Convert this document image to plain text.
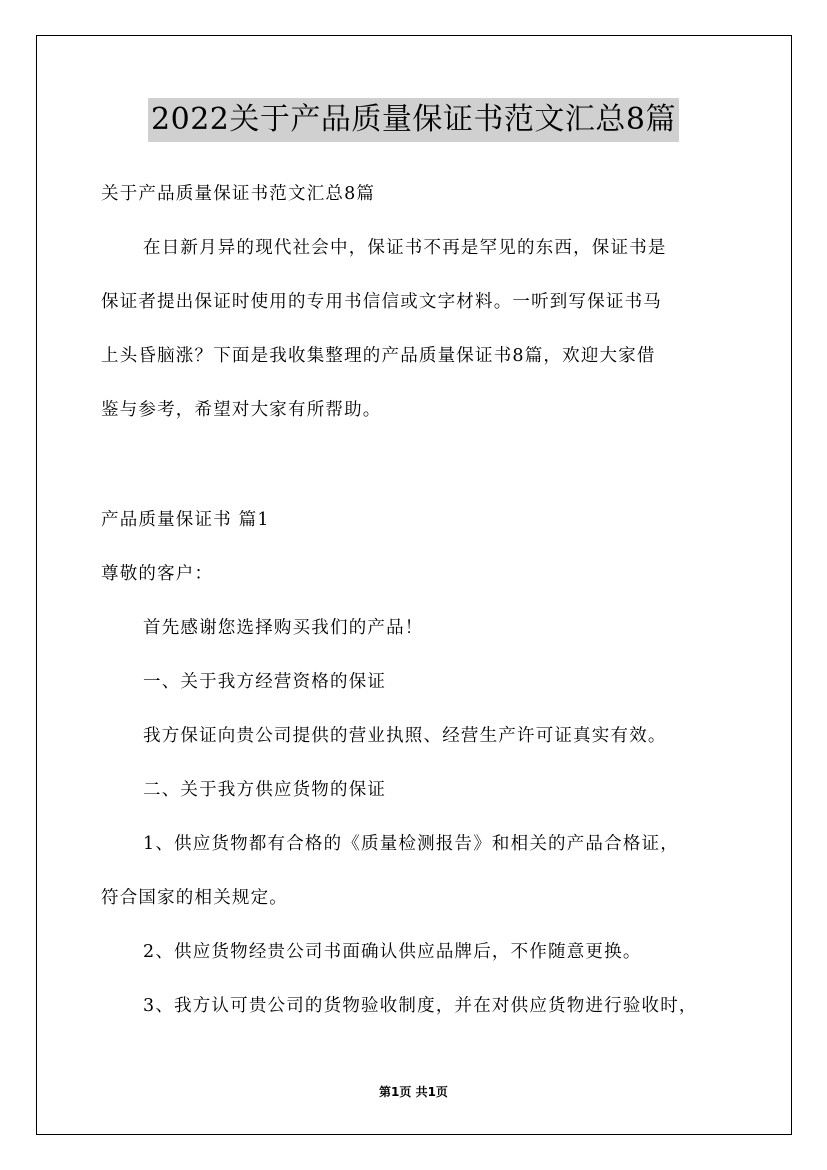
2022关于产品质量保证书范文汇总8篇

关于产品质量保证书范文汇总8篇

在日新月异的现代社会中，保证书不再是罕见的东西，保证书是

保证者提出保证时使用的专用书信信或文字材料。一听到写保证书马

上头昏脑涨？下面是我收集整理的产品质量保证书8篇，欢迎大家借

鉴与参考，希望对大家有所帮助。

产品质量保证书 篇1

尊敬的客户：

首先感谢您选择购买我们的产品！

一、关于我方经营资格的保证

我方保证向贵公司提供的营业执照、经营生产许可证真实有效。

二、关于我方供应货物的保证

1、供应货物都有合格的《质量检测报告》和相关的产品合格证，

符合国家的相关规定。

2、供应货物经贵公司书面确认供应品牌后，不作随意更换。

3、我方认可贵公司的货物验收制度，并在对供应货物进行验收时，

第1页 共1页
